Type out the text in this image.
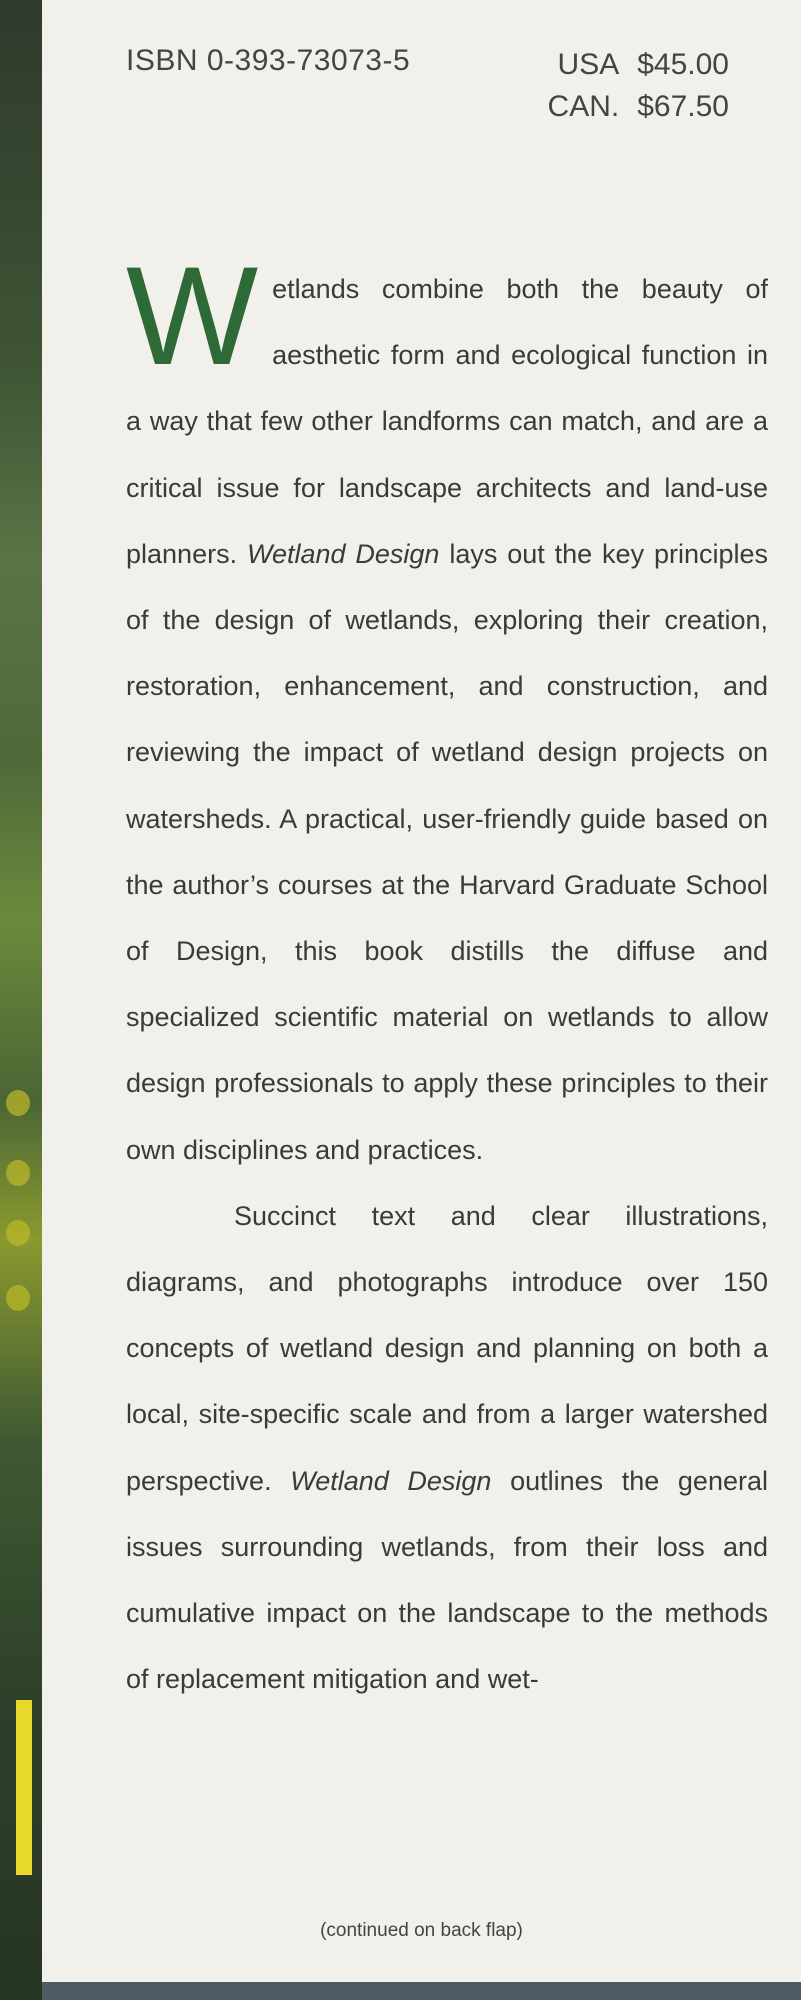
ISBN 0-393-73073-5	USA $45.00
CAN. $67.50

Wetlands combine both the beauty of aesthetic form and ecological function in a way that few other landforms can match, and are a critical issue for landscape architects and land-use planners. Wetland Design lays out the key principles of the design of wetlands, exploring their creation, restoration, enhancement, and construction, and reviewing the impact of wetland design projects on watersheds. A practical, user-friendly guide based on the author’s courses at the Harvard Graduate School of Design, this book distills the diffuse and specialized scientific material on wetlands to allow design professionals to apply these principles to their own disciplines and practices.

Succinct text and clear illustrations, diagrams, and photographs introduce over 150 concepts of wetland design and planning on both a local, site-specific scale and from a larger watershed perspective. Wetland Design outlines the general issues surrounding wetlands, from their loss and cumulative impact on the landscape to the methods of replacement mitigation and wet-

(continued on back flap)
